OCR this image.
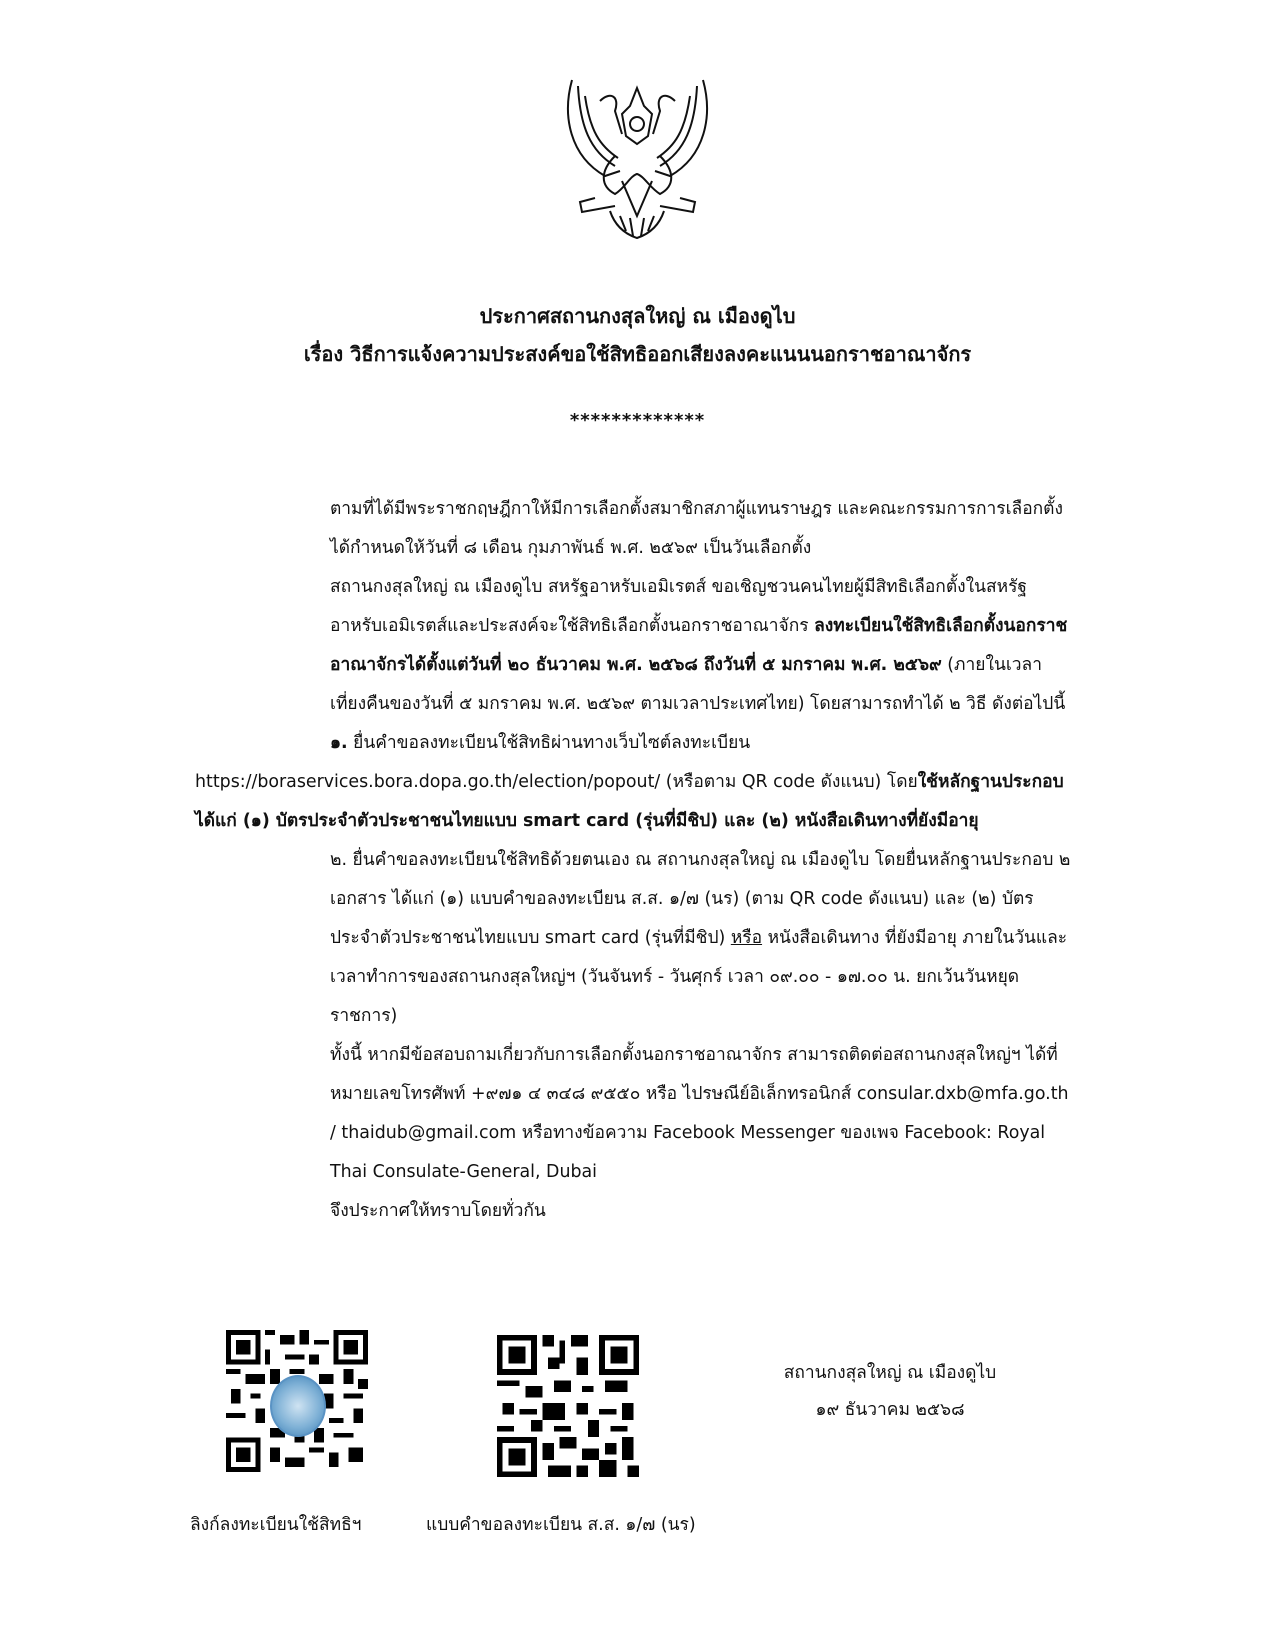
ประกาศสถานกงสุลใหญ่ ณ เมืองดูไบ
เรื่อง วิธีการแจ้งความประสงค์ขอใช้สิทธิออกเสียงลงคะแนนนอกราชอาณาจักร
*************

ตามที่ได้มีพระราชกฤษฎีกาให้มีการเลือกตั้งสมาชิกสภาผู้แทนราษฎร และคณะกรรมการการเลือกตั้งได้กำหนดให้วันที่ ๘ เดือน กุมภาพันธ์ พ.ศ. ๒๕๖๙ เป็นวันเลือกตั้ง

สถานกงสุลใหญ่ ณ เมืองดูไบ สหรัฐอาหรับเอมิเรตส์ ขอเชิญชวนคนไทยผู้มีสิทธิเลือกตั้งในสหรัฐอาหรับเอมิเรตส์และประสงค์จะใช้สิทธิเลือกตั้งนอกราชอาณาจักร ลงทะเบียนใช้สิทธิเลือกตั้งนอกราชอาณาจักรได้ตั้งแต่วันที่ ๒๐ ธันวาคม พ.ศ. ๒๕๖๘ ถึงวันที่ ๕ มกราคม พ.ศ. ๒๕๖๙ (ภายในเวลาเที่ยงคืนของวันที่ ๕ มกราคม พ.ศ. ๒๕๖๙ ตามเวลาประเทศไทย) โดยสามารถทำได้ ๒ วิธี ดังต่อไปนี้

๑. ยื่นคำขอลงทะเบียนใช้สิทธิผ่านทางเว็บไซต์ลงทะเบียน

https://boraservices.bora.dopa.go.th/election/popout/ (หรือตาม QR code ดังแนบ) โดยใช้หลักฐานประกอบ ได้แก่ (๑) บัตรประจำตัวประชาชนไทยแบบ smart card (รุ่นที่มีชิป) และ (๒) หนังสือเดินทางที่ยังมีอายุ

๒. ยื่นคำขอลงทะเบียนใช้สิทธิด้วยตนเอง ณ สถานกงสุลใหญ่ ณ เมืองดูไบ โดยยื่นหลักฐานประกอบ ๒ เอกสาร ได้แก่ (๑) แบบคำขอลงทะเบียน ส.ส. ๑/๗ (นร) (ตาม QR code ดังแนบ) และ (๒) บัตรประจำตัวประชาชนไทยแบบ smart card (รุ่นที่มีชิป) หรือ หนังสือเดินทาง ที่ยังมีอายุ ภายในวันและเวลาทำการของสถานกงสุลใหญ่ฯ (วันจันทร์ - วันศุกร์ เวลา ๐๙.๐๐ - ๑๗.๐๐ น. ยกเว้นวันหยุดราชการ)

ทั้งนี้ หากมีข้อสอบถามเกี่ยวกับการเลือกตั้งนอกราชอาณาจักร สามารถติดต่อสถานกงสุลใหญ่ฯ ได้ที่หมายเลขโทรศัพท์ +๙๗๑ ๔ ๓๔๘ ๙๕๕๐ หรือ ไปรษณีย์อิเล็กทรอนิกส์ consular.dxb@mfa.go.th / thaidub@gmail.com หรือทางข้อความ Facebook Messenger ของเพจ Facebook: Royal Thai Consulate-General, Dubai

จึงประกาศให้ทราบโดยทั่วกัน

สถานกงสุลใหญ่ ณ เมืองดูไบ
๑๙ ธันวาคม ๒๕๖๘
ลิงก์ลงทะเบียนใช้สิทธิฯ	แบบคำขอลงทะเบียน ส.ส. ๑/๗ (นร)
